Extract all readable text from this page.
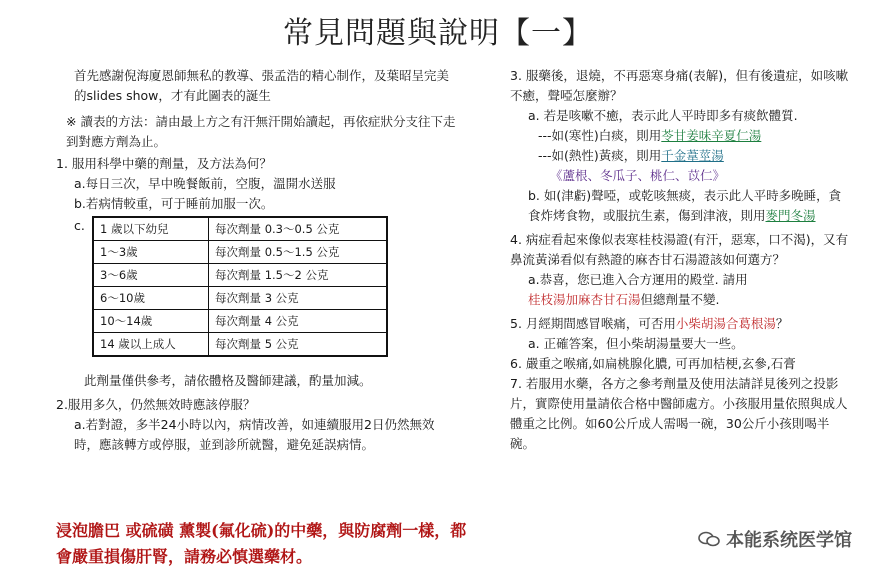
常見問題與說明【一】

首先感謝倪海廈恩師無私的教導、張孟浩的精心制作，及葉昭呈完美的slides show，才有此圖表的誕生

※ 讀表的方法：請由最上方之有汗無汗開始讀起，再依症狀分支往下走到對應方劑為止。

1. 服用科學中藥的劑量，及方法為何？

a.每日三次，早中晚餐飯前，空腹，溫開水送服

b.若病情較重，可于睡前加服一次。

c. 1 歲以下幼兒	每次劑量 0.3～0.5 公克
1～3歲	每次劑量 0.5～1.5 公克
3～6歲	每次劑量 1.5～2 公克
6～10歲	每次劑量 3 公克
10～14歲	每次劑量 4 公克
14 歲以上成人	每次劑量 5 公克

此劑量僅供參考，請依體格及醫師建議，酌量加減。

2.服用多久，仍然無效時應該停服？

a.若對證，多半24小時以內，病情改善，如連續服用2日仍然無效時，應該轉方或停服，並到診所就醫，避免延誤病情。

浸泡膽巴 或硫磺 薰製(氟化硫)的中藥，與防腐劑一樣，都會嚴重損傷肝腎，請務必慎選藥材。

3. 服藥後，退燒，不再惡寒身痛(表解)，但有後遺症，如咳嗽不癒，聲啞怎麼辦？

a. 若是咳嗽不癒，表示此人平時即多有痰飲體質.

---如(寒性)白痰，則用苓甘姜味辛夏仁湯

---如(熱性)黃痰，則用千金葦莖湯

《蘆根、冬瓜子、桃仁、苡仁》

b. 如(津虧)聲啞，或乾咳無痰，表示此人平時多晚睡，貪食炸烤食物，或服抗生素，傷到津液，則用麥門冬湯

4. 病症看起來像似表寒桂枝湯證(有汗，惡寒，口不渴)，又有鼻流黃涕看似有熱證的麻杏甘石湯證該如何選方？

a.恭喜，您已進入合方運用的殿堂. 請用
桂枝湯加麻杏甘石湯但總劑量不變.

5. 月經期間感冒喉痛，可否用小柴胡湯合葛根湯？

a. 正確答案，但小柴胡湯量要大一些。

6. 嚴重之喉痛,如扁桃腺化膿, 可再加桔梗,玄參,石膏

7. 若服用水藥，各方之參考劑量及使用法請詳見後列之投影片，實際使用量請依合格中醫師處方。小孩服用量依照與成人體重之比例。如60公斤成人需喝一碗，30公斤小孩則喝半碗。

本能系统医学馆
